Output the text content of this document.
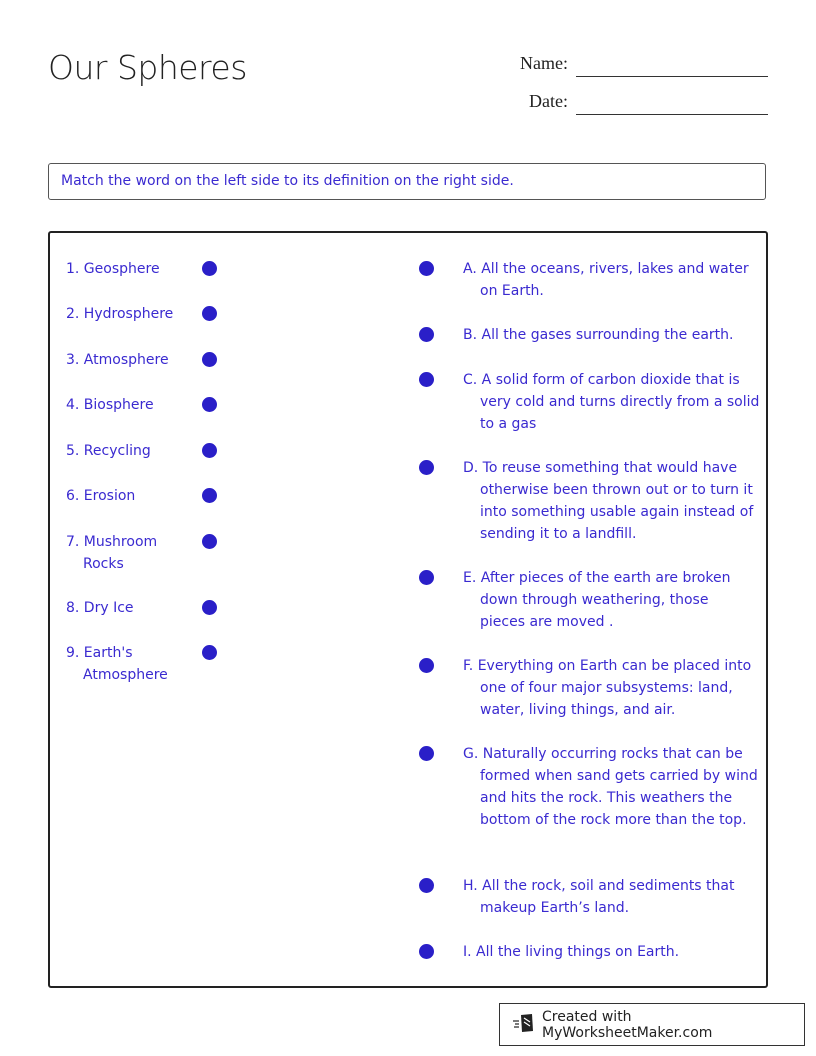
Our Spheres	Name:
Date:
Match the word on the left side to its definition on the right side.
1. Geosphere
2. Hydrosphere
3. Atmosphere
4. Biosphere
5. Recycling
6. Erosion
7. Mushroom Rocks
8. Dry Ice
9. Earth's Atmosphere
A. All the oceans, rivers, lakes and water on Earth.
B. All the gases surrounding the earth.
C. A solid form of carbon dioxide that is very cold and turns directly from a solid to a gas
D. To reuse something that would have otherwise been thrown out or to turn it into something usable again instead of sending it to a landfill.
E. After pieces of the earth are broken down through weathering, those pieces are moved .
F. Everything on Earth can be placed into one of four major subsystems: land, water, living things, and air.
G. Naturally occurring rocks that can be formed when sand gets carried by wind and hits the rock. This weathers the bottom of the rock more than the top.
H. All the rock, soil and sediments that makeup Earth’s land.
I. All the living things on Earth.
Created with MyWorksheetMaker.com
